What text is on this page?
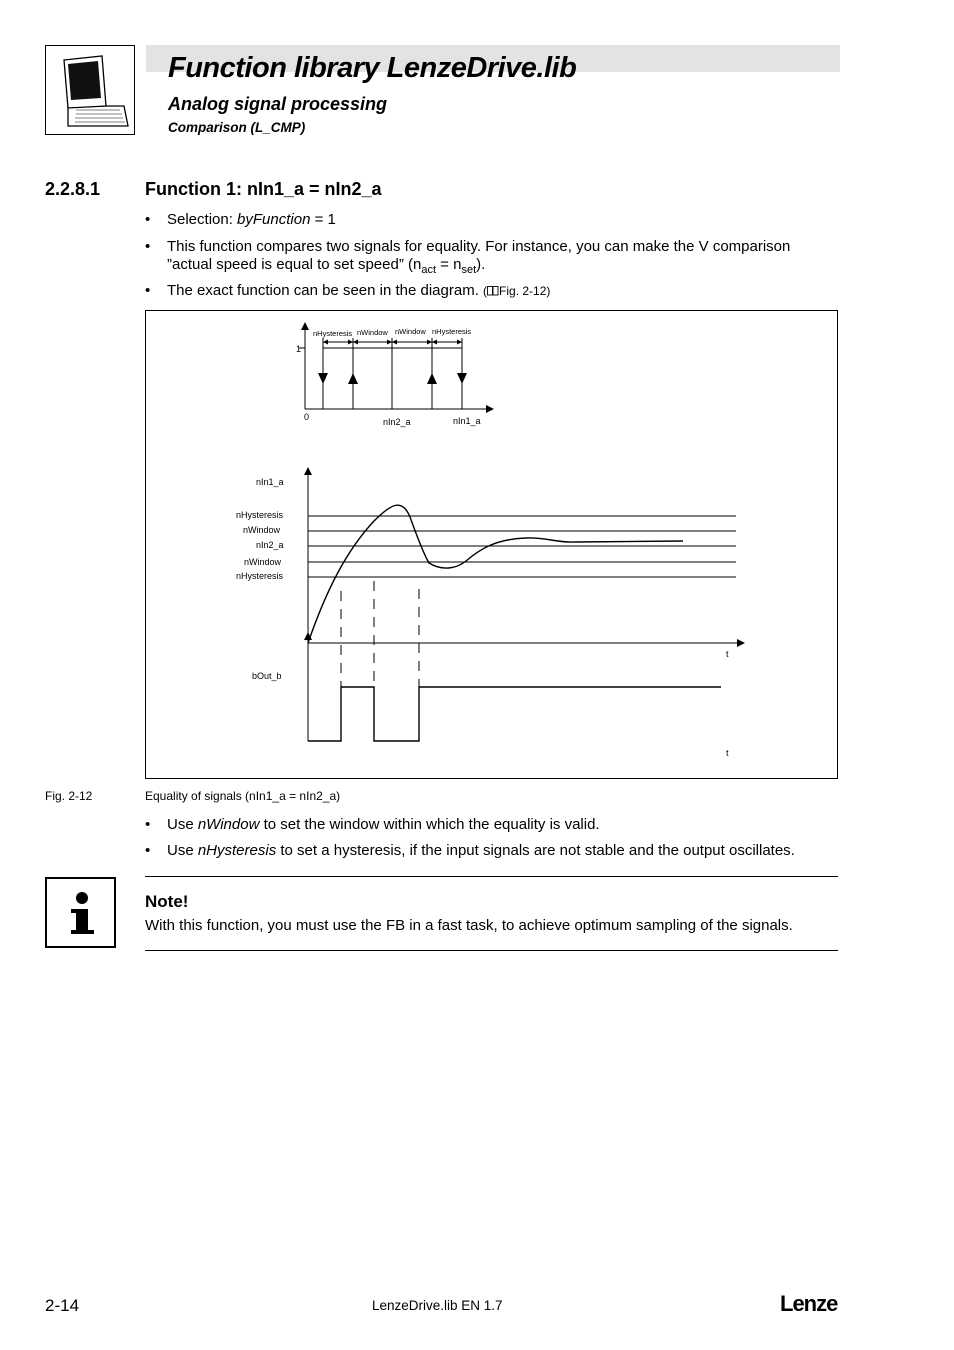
Function library LenzeDrive.lib
Analog signal processing
Comparison (L_CMP)
2.2.8.1 Function 1: nIn1_a = nIn2_a
• Selection: byFunction = 1
• This function compares two signals for equality. For instance, you can make the V comparison
”actual speed is equal to set speed” $(n_{act} = n_{set})$.
• The exact function can be seen in the diagram. ( Fig. 2-12)
1
0
nHysteresis nWindow nWindow nHysteresis
nIn2_a	nIn1_a
nIn1_a
nHysteresis
nWindow
nIn2_a
nWindow
nHysteresis
t
bOut_b
t
Fig. 2-12	Equality of signals (nIn1_a = nIn2_a)
• Use nWindow to set the window within which the equality is valid.
• Use nHysteresis to set a hysteresis, if the input signals are not stable and the output oscillates.
Note!
With this function, you must use the FB in a fast task, to achieve optimum sampling of the signals.
2-14	LenzeDrive.lib EN 1.7	Lenze
